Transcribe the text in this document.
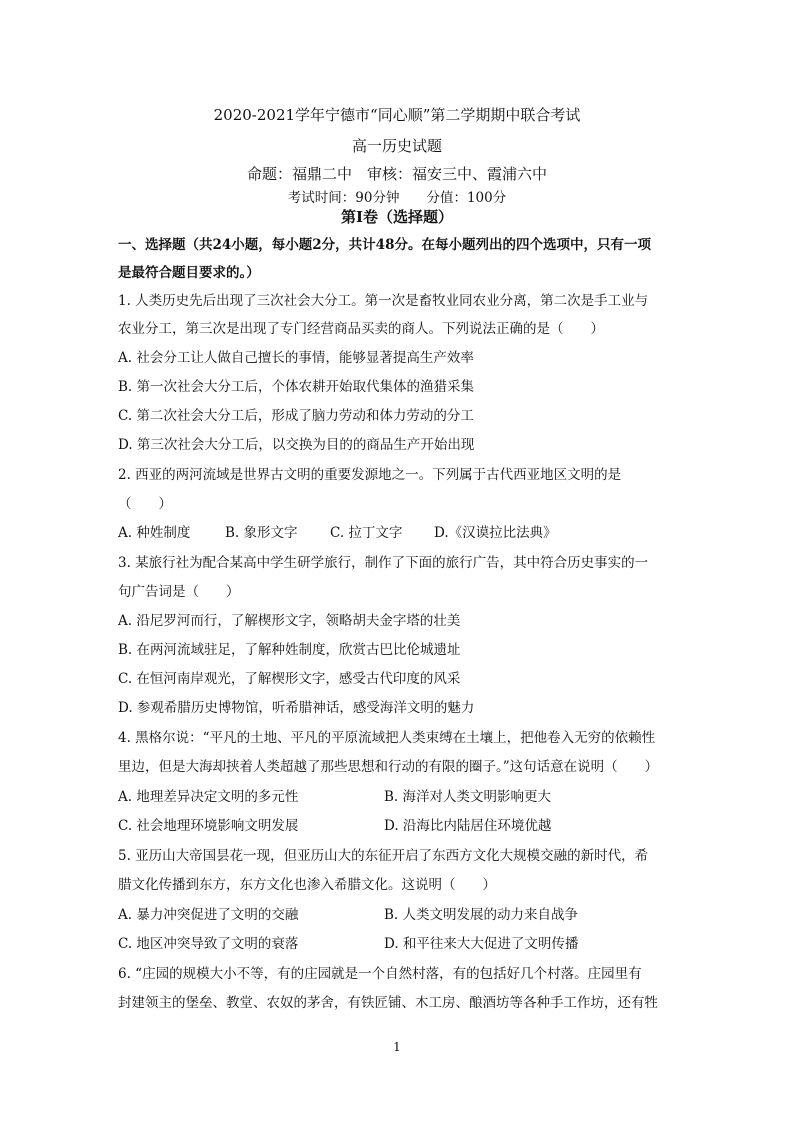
2020-2021学年宁德市“同心顺”第二学期期中联合考试
高一历史试题
命题：福鼎二中　审核：福安三中、霞浦六中
考试时间：90分钟　　分值：100分
第Ⅰ卷（选择题）
一、选择题（共24小题，每小题2分，共计48分。在每小题列出的四个选项中，只有一项
是最符合题目要求的。）
1. 人类历史先后出现了三次社会大分工。第一次是畜牧业同农业分离，第二次是手工业与
农业分工，第三次是出现了专门经营商品买卖的商人。下列说法正确的是（　　）
A. 社会分工让人做自己擅长的事情，能够显著提高生产效率
B. 第一次社会大分工后，个体农耕开始取代集体的渔猎采集
C. 第二次社会大分工后，形成了脑力劳动和体力劳动的分工
D. 第三次社会大分工后，以交换为目的的商品生产开始出现
2. 西亚的两河流域是世界古文明的重要发源地之一。下列属于古代西亚地区文明的是
（　　）
A. 种姓制度	B. 象形文字 C. 拉丁文字 D.《汉谟拉比法典》
3. 某旅行社为配合某高中学生研学旅行，制作了下面的旅行广告，其中符合历史事实的一
句广告词是（　　）
A. 沿尼罗河而行，了解楔形文字，领略胡夫金字塔的壮美
B. 在两河流域驻足，了解种姓制度，欣赏古巴比伦城遗址
C. 在恒河南岸观光，了解楔形文字，感受古代印度的风采
D. 参观希腊历史博物馆，听希腊神话，感受海洋文明的魅力
4. 黑格尔说：“平凡的土地、平凡的平原流域把人类束缚在土壤上，把他卷入无穷的依赖性
里边，但是大海却挟着人类超越了那些思想和行动的有限的圈子。”这句话意在说明（　　）
A. 地理差异决定文明的多元性	B. 海洋对人类文明影响更大
C. 社会地理环境影响文明发展	D. 沿海比内陆居住环境优越
5. 亚历山大帝国昙花一现，但亚历山大的东征开启了东西方文化大规模交融的新时代，希
腊文化传播到东方，东方文化也渗入希腊文化。这说明（　　）
A. 暴力冲突促进了文明的交融	B. 人类文明发展的动力来自战争
C. 地区冲突导致了文明的衰落	D. 和平往来大大促进了文明传播
6. “庄园的规模大小不等，有的庄园就是一个自然村落，有的包括好几个村落。庄园里有
封建领主的堡垒、教堂、农奴的茅舍，有铁匠铺、木工房、酿酒坊等各种手工作坊，还有牲
1
